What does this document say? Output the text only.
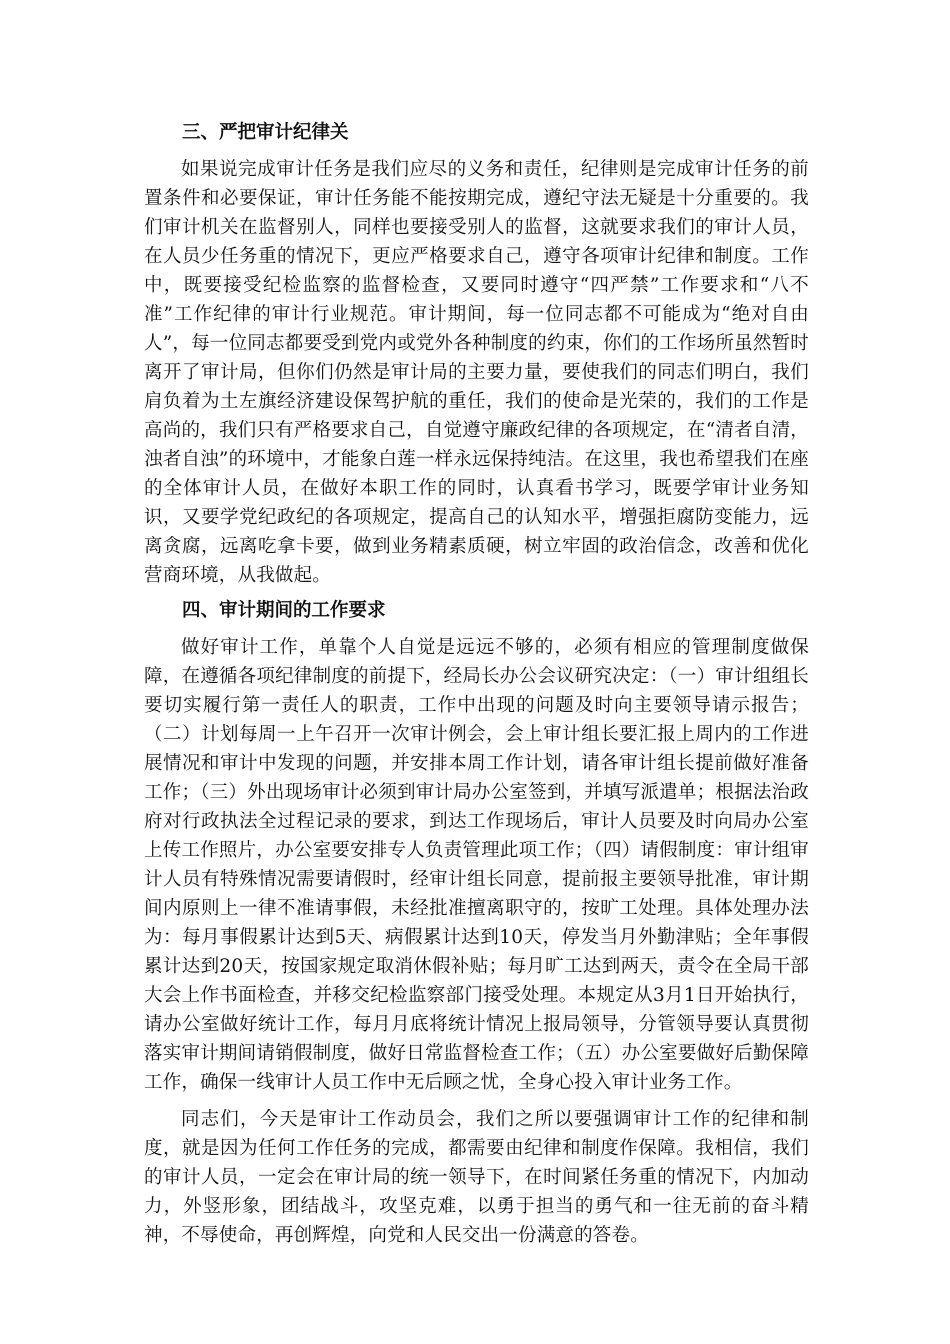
三、严把审计纪律关

如果说完成审计任务是我们应尽的义务和责任，纪律则是完成审计任务的前置条件和必要保证，审计任务能不能按期完成，遵纪守法无疑是十分重要的。我们审计机关在监督别人，同样也要接受别人的监督，这就要求我们的审计人员，在人员少任务重的情况下，更应严格要求自己，遵守各项审计纪律和制度。工作中，既要接受纪检监察的监督检查，又要同时遵守“四严禁”工作要求和“八不准”工作纪律的审计行业规范。审计期间，每一位同志都不可能成为“绝对自由人”，每一位同志都要受到党内或党外各种制度的约束，你们的工作场所虽然暂时离开了审计局，但你们仍然是审计局的主要力量，要使我们的同志们明白，我们肩负着为土左旗经济建设保驾护航的重任，我们的使命是光荣的，我们的工作是高尚的，我们只有严格要求自己，自觉遵守廉政纪律的各项规定，在“清者自清，浊者自浊”的环境中，才能象白莲一样永远保持纯洁。在这里，我也希望我们在座的全体审计人员，在做好本职工作的同时，认真看书学习，既要学审计业务知识，又要学党纪政纪的各项规定，提高自己的认知水平，增强拒腐防变能力，远离贪腐，远离吃拿卡要，做到业务精素质硬，树立牢固的政治信念，改善和优化营商环境，从我做起。

四、审计期间的工作要求

做好审计工作，单靠个人自觉是远远不够的，必须有相应的管理制度做保障，在遵循各项纪律制度的前提下，经局长办公会议研究决定：（一）审计组组长要切实履行第一责任人的职责，工作中出现的问题及时向主要领导请示报告；（二）计划每周一上午召开一次审计例会，会上审计组长要汇报上周内的工作进展情况和审计中发现的问题，并安排本周工作计划，请各审计组长提前做好准备工作；（三）外出现场审计必须到审计局办公室签到，并填写派遣单；根据法治政府对行政执法全过程记录的要求，到达工作现场后，审计人员要及时向局办公室上传工作照片，办公室要安排专人负责管理此项工作；（四）请假制度：审计组审计人员有特殊情况需要请假时，经审计组长同意，提前报主要领导批准，审计期间内原则上一律不准请事假，未经批准擅离职守的，按旷工处理。具体处理办法为：每月事假累计达到5天、病假累计达到10天，停发当月外勤津贴；全年事假累计达到20天，按国家规定取消休假补贴；每月旷工达到两天，责令在全局干部大会上作书面检查，并移交纪检监察部门接受处理。本规定从3月1日开始执行，请办公室做好统计工作，每月月底将统计情况上报局领导，分管领导要认真贯彻落实审计期间请销假制度，做好日常监督检查工作；（五）办公室要做好后勤保障工作，确保一线审计人员工作中无后顾之忧，全身心投入审计业务工作。

同志们，今天是审计工作动员会，我们之所以要强调审计工作的纪律和制度，就是因为任何工作任务的完成，都需要由纪律和制度作保障。我相信，我们的审计人员，一定会在审计局的统一领导下，在时间紧任务重的情况下，内加动力，外竖形象，团结战斗，攻坚克难，以勇于担当的勇气和一往无前的奋斗精神，不辱使命，再创辉煌，向党和人民交出一份满意的答卷。
